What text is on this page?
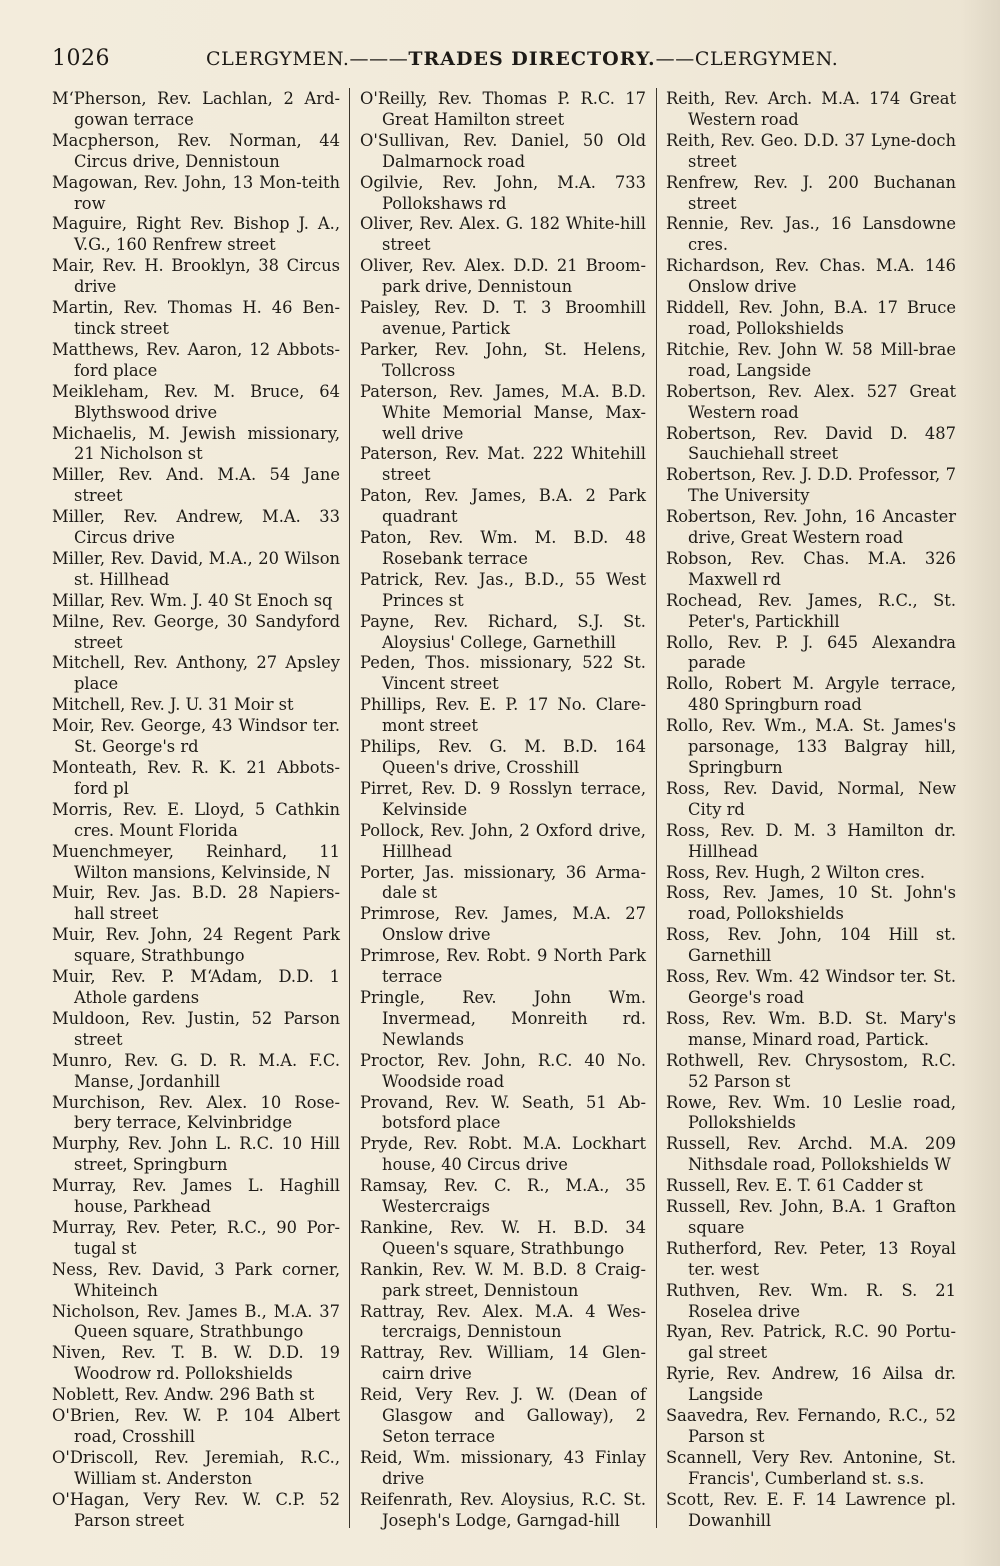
1026	CLERGYMEN.———TRADES DIRECTORY.——CLERGYMEN.
M‘Pherson, Rev. Lachlan, 2 Ard-gowan terrace
Macpherson, Rev. Norman, 44 Circus drive, Dennistoun
Magowan, Rev. John, 13 Mon-teith row
Maguire, Right Rev. Bishop J. A., V.G., 160 Renfrew street
Mair, Rev. H. Brooklyn, 38 Circus drive
Martin, Rev. Thomas H. 46 Ben-tinck street
Matthews, Rev. Aaron, 12 Abbots-ford place
Meikleham, Rev. M. Bruce, 64 Blythswood drive
Michaelis, M. Jewish missionary, 21 Nicholson st
Miller, Rev. And. M.A. 54 Jane street
Miller, Rev. Andrew, M.A. 33 Circus drive
Miller, Rev. David, M.A., 20 Wilson st. Hillhead
Millar, Rev. Wm. J. 40 St Enoch sq
Milne, Rev. George, 30 Sandyford street
Mitchell, Rev. Anthony, 27 Apsley place
Mitchell, Rev. J. U. 31 Moir st
Moir, Rev. George, 43 Windsor ter. St. George's rd
Monteath, Rev. R. K. 21 Abbots-ford pl
Morris, Rev. E. Lloyd, 5 Cathkin cres. Mount Florida
Muenchmeyer, Reinhard, 11 Wilton mansions, Kelvinside, N
Muir, Rev. Jas. B.D. 28 Napiers-hall street
Muir, Rev. John, 24 Regent Park square, Strathbungo
Muir, Rev. P. M‘Adam, D.D. 1 Athole gardens
Muldoon, Rev. Justin, 52 Parson street
Munro, Rev. G. D. R. M.A. F.C. Manse, Jordanhill
Murchison, Rev. Alex. 10 Rose-bery terrace, Kelvinbridge
Murphy, Rev. John L. R.C. 10 Hill street, Springburn
Murray, Rev. James L. Haghill house, Parkhead
Murray, Rev. Peter, R.C., 90 Por-tugal st
Ness, Rev. David, 3 Park corner, Whiteinch
Nicholson, Rev. James B., M.A. 37 Queen square, Strathbungo
Niven, Rev. T. B. W. D.D. 19 Woodrow rd. Pollokshields
Noblett, Rev. Andw. 296 Bath st
O'Brien, Rev. W. P. 104 Albert road, Crosshill
O'Driscoll, Rev. Jeremiah, R.C., William st. Anderston
O'Hagan, Very Rev. W. C.P. 52 Parson street
O'Reilly, Rev. Thomas P. R.C. 17 Great Hamilton street
O'Sullivan, Rev. Daniel, 50 Old Dalmarnock road
Ogilvie, Rev. John, M.A. 733 Pollokshaws rd
Oliver, Rev. Alex. G. 182 White-hill street
Oliver, Rev. Alex. D.D. 21 Broom-park drive, Dennistoun
Paisley, Rev. D. T. 3 Broomhill avenue, Partick
Parker, Rev. John, St. Helens, Tollcross
Paterson, Rev. James, M.A. B.D. White Memorial Manse, Max-well drive
Paterson, Rev. Mat. 222 Whitehill street
Paton, Rev. James, B.A. 2 Park quadrant
Paton, Rev. Wm. M. B.D. 48 Rosebank terrace
Patrick, Rev. Jas., B.D., 55 West Princes st
Payne, Rev. Richard, S.J. St. Aloysius' College, Garnethill
Peden, Thos. missionary, 522 St. Vincent street
Phillips, Rev. E. P. 17 No. Clare-mont street
Philips, Rev. G. M. B.D. 164 Queen's drive, Crosshill
Pirret, Rev. D. 9 Rosslyn terrace, Kelvinside
Pollock, Rev. John, 2 Oxford drive, Hillhead
Porter, Jas. missionary, 36 Arma-dale st
Primrose, Rev. James, M.A. 27 Onslow drive
Primrose, Rev. Robt. 9 North Park terrace
Pringle, Rev. John Wm. Invermead, Monreith rd. Newlands
Proctor, Rev. John, R.C. 40 No. Woodside road
Provand, Rev. W. Seath, 51 Ab-botsford place
Pryde, Rev. Robt. M.A. Lockhart house, 40 Circus drive
Ramsay, Rev. C. R., M.A., 35 Westercraigs
Rankine, Rev. W. H. B.D. 34 Queen's square, Strathbungo
Rankin, Rev. W. M. B.D. 8 Craig-park street, Dennistoun
Rattray, Rev. Alex. M.A. 4 Wes-tercraigs, Dennistoun
Rattray, Rev. William, 14 Glen-cairn drive
Reid, Very Rev. J. W. (Dean of Glasgow and Galloway), 2 Seton terrace
Reid, Wm. missionary, 43 Finlay drive
Reifenrath, Rev. Aloysius, R.C. St. Joseph's Lodge, Garngad-hill
Reith, Rev. Arch. M.A. 174 Great Western road
Reith, Rev. Geo. D.D. 37 Lyne-doch street
Renfrew, Rev. J. 200 Buchanan street
Rennie, Rev. Jas., 16 Lansdowne cres.
Richardson, Rev. Chas. M.A. 146 Onslow drive
Riddell, Rev. John, B.A. 17 Bruce road, Pollokshields
Ritchie, Rev. John W. 58 Mill-brae road, Langside
Robertson, Rev. Alex. 527 Great Western road
Robertson, Rev. David D. 487 Sauchiehall street
Robertson, Rev. J. D.D. Professor, 7 The University
Robertson, Rev. John, 16 Ancaster drive, Great Western road
Robson, Rev. Chas. M.A. 326 Maxwell rd
Rochead, Rev. James, R.C., St. Peter's, Partickhill
Rollo, Rev. P. J. 645 Alexandra parade
Rollo, Robert M. Argyle terrace, 480 Springburn road
Rollo, Rev. Wm., M.A. St. James's parsonage, 133 Balgray hill, Springburn
Ross, Rev. David, Normal, New City rd
Ross, Rev. D. M. 3 Hamilton dr. Hillhead
Ross, Rev. Hugh, 2 Wilton cres.
Ross, Rev. James, 10 St. John's road, Pollokshields
Ross, Rev. John, 104 Hill st. Garnethill
Ross, Rev. Wm. 42 Windsor ter. St. George's road
Ross, Rev. Wm. B.D. St. Mary's manse, Minard road, Partick.
Rothwell, Rev. Chrysostom, R.C. 52 Parson st
Rowe, Rev. Wm. 10 Leslie road, Pollokshields
Russell, Rev. Archd. M.A. 209 Nithsdale road, Pollokshields W
Russell, Rev. E. T. 61 Cadder st
Russell, Rev. John, B.A. 1 Grafton square
Rutherford, Rev. Peter, 13 Royal ter. west
Ruthven, Rev. Wm. R. S. 21 Roselea drive
Ryan, Rev. Patrick, R.C. 90 Portu-gal street
Ryrie, Rev. Andrew, 16 Ailsa dr. Langside
Saavedra, Rev. Fernando, R.C., 52 Parson st
Scannell, Very Rev. Antonine, St. Francis', Cumberland st. s.s.
Scott, Rev. E. F. 14 Lawrence pl. Dowanhill
